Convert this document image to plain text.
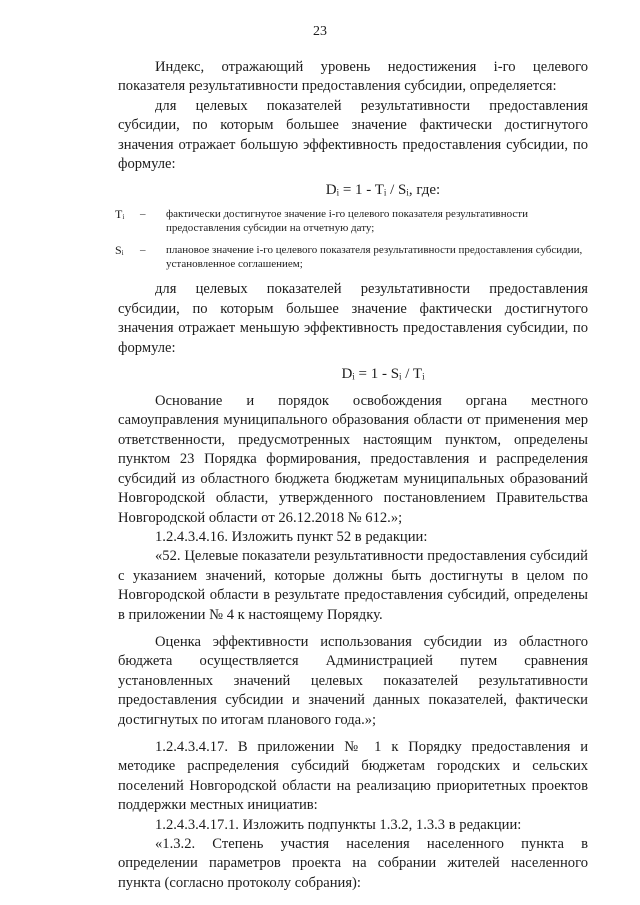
23

Индекс, отражающий уровень недостижения i-го целевого показателя результативности предоставления субсидии, определяется:

для целевых показателей результативности предоставления субсидии, по которым большее значение фактически достигнутого значения отражает большую эффективность предоставления субсидии, по формуле:

Dᵢ = 1 - Tᵢ / Sᵢ, где:
Tᵢ	–	фактически достигнутое значение i-го целевого показателя результативности предоставления субсидии на отчетную дату;
Sᵢ	–	плановое значение i-го целевого показателя результативности предоставления субсидии, установленное соглашением;

для целевых показателей результативности предоставления субсидии, по которым большее значение фактически достигнутого значения отражает меньшую эффективность предоставления субсидии, по формуле:

Dᵢ = 1 - Sᵢ / Tᵢ

Основание и порядок освобождения органа местного самоуправления муниципального образования области от применения мер ответственности, предусмотренных настоящим пунктом, определены пунктом 23 Порядка формирования, предоставления и распределения субсидий из областного бюджета бюджетам муниципальных образований Новгородской области, утвержденного постановлением Правительства Новгородской области от 26.12.2018 № 612.»;

1.2.4.3.4.16. Изложить пункт 52 в редакции:

«52. Целевые показатели результативности предоставления субсидий с указанием значений, которые должны быть достигнуты в целом по Новгородской области в результате предоставления субсидий, определены в приложении № 4 к настоящему Порядку.

Оценка эффективности использования субсидии из областного бюджета осуществляется Администрацией путем сравнения установленных значений целевых показателей результативности предоставления субсидии и значений данных показателей, фактически достигнутых по итогам планового года.»;

1.2.4.3.4.17. В приложении № 1 к Порядку предоставления и методике распределения субсидий бюджетам городских и сельских поселений Новгородской области на реализацию приоритетных проектов поддержки местных инициатив:

1.2.4.3.4.17.1. Изложить подпункты 1.3.2, 1.3.3 в редакции:

«1.3.2. Степень участия населения населенного пункта в определении параметров проекта на собрании жителей населенного пункта (согласно протоколу собрания):
